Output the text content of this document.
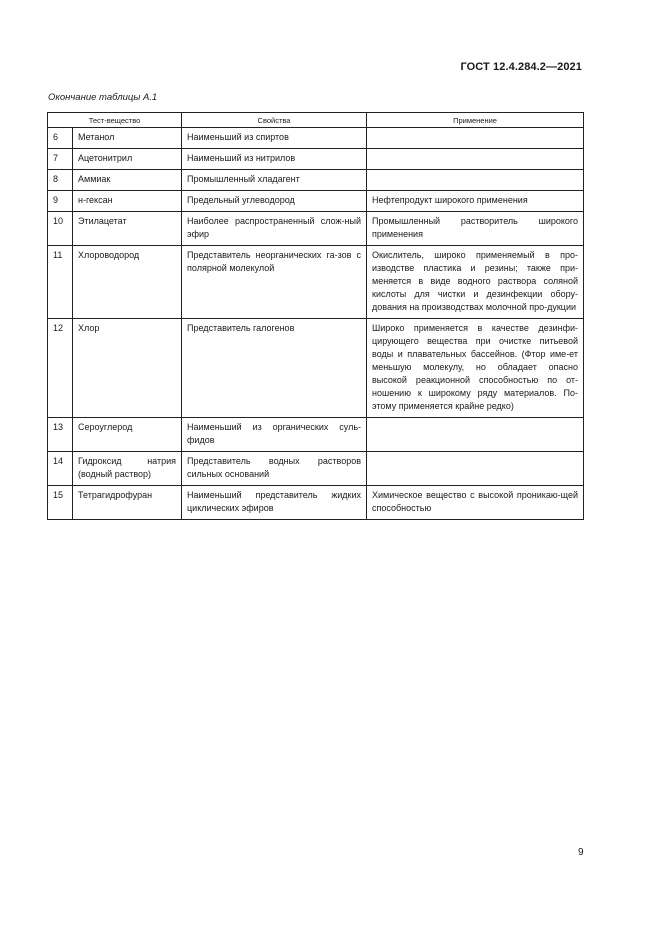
ГОСТ 12.4.284.2—2021
Окончание таблицы А.1
Тест-вещество		Свойства	Применение
6	Метанол	Наименьший из спиртов	
7	Ацетонитрил	Наименьший из нитрилов	
8	Аммиак	Промышленный хладагент	
9	н-гексан	Предельный углеводород	Нефтепродукт широкого применения
10	Этилацетат	Наиболее распространенный слож-ный эфир	Промышленный растворитель широкого применения
11	Хлороводород	Представитель неорганических га-зов с полярной молекулой	Окислитель, широко применяемый в про-изводстве пластика и резины; также при-меняется в виде водного раствора соляной кислоты для чистки и дезинфекции обору-дования на производствах молочной про-дукции
12	Хлор	Представитель галогенов	Широко применяется в качестве дезинфи-цирующего вещества при очистке питьевой воды и плавательных бассейнов. (Фтор име-ет меньшую молекулу, но обладает опасно высокой реакционной способностью по от-ношению к широкому ряду материалов. По-этому применяется крайне редко)
13	Сероуглерод	Наименьший из органических суль-фидов	
14	Гидроксид натрия (водный раствор)	Представитель водных растворов сильных оснований	
15	Тетрагидрофуран	Наименьший представитель жидких циклических эфиров	Химическое вещество с высокой проникаю-щей способностью
9
